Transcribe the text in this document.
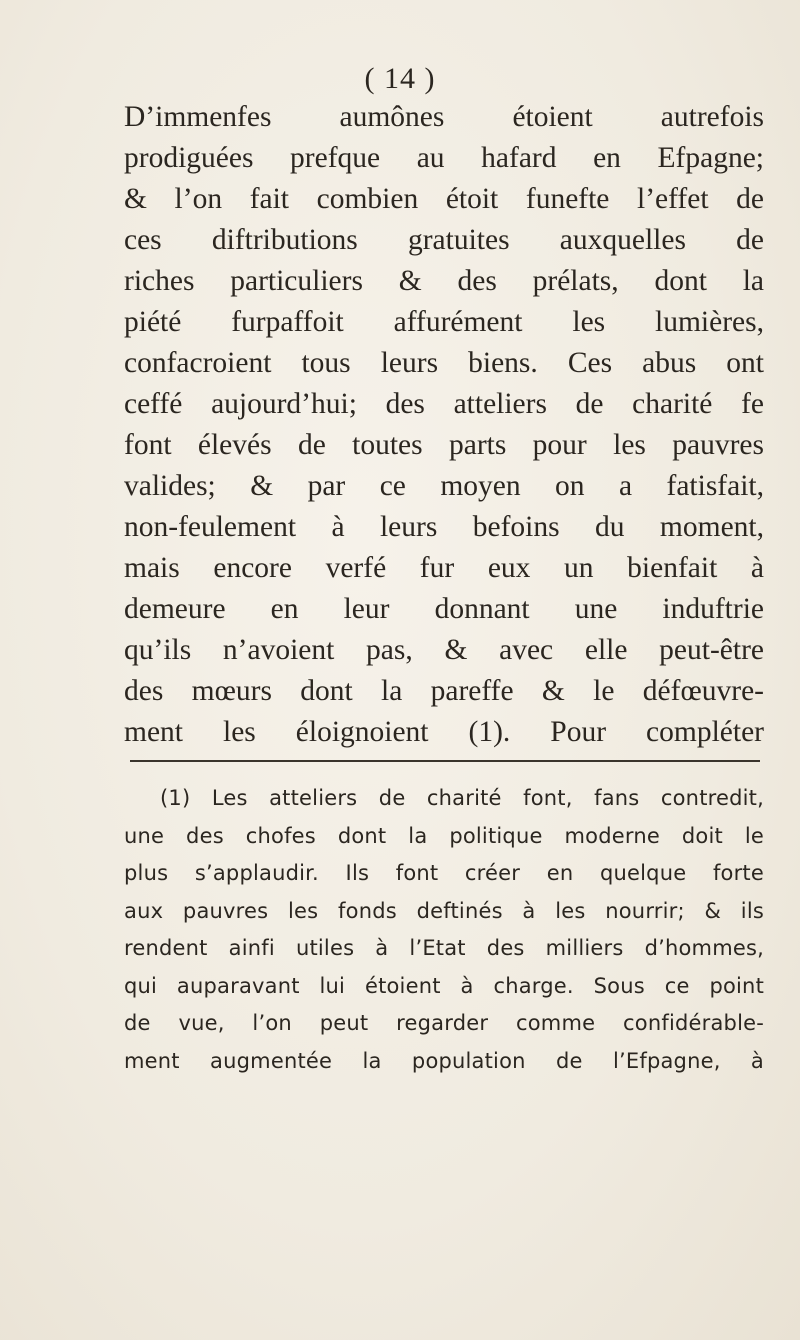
( 14 )
D’immenfes aumônes étoient autrefois
prodiguées prefque au hafard en Efpagne;
& l’on fait combien étoit funefte l’effet de
ces diftributions gratuites auxquelles de
riches particuliers & des prélats, dont la
piété furpaffoit affurément les lumières,
confacroient tous leurs biens. Ces abus ont
ceffé aujourd’hui; des atteliers de charité fe
font élevés de toutes parts pour les pauvres
valides; & par ce moyen on a fatisfait,
non-feulement à leurs befoins du moment,
mais encore verfé fur eux un bienfait à
demeure en leur donnant une induftrie
qu’ils n’avoient pas, & avec elle peut-être
des mœurs dont la pareffe & le défœuvre-
ment les éloignoient (1). Pour compléter
(1) Les atteliers de charité font, fans contredit,
une des chofes dont la politique moderne doit le
plus s’applaudir. Ils font créer en quelque forte
aux pauvres les fonds deftinés à les nourrir; & ils
rendent ainfi utiles à l’Etat des milliers d’hommes,
qui auparavant lui étoient à charge. Sous ce point
de vue, l’on peut regarder comme confidérable-
ment augmentée la population de l’Efpagne, à
